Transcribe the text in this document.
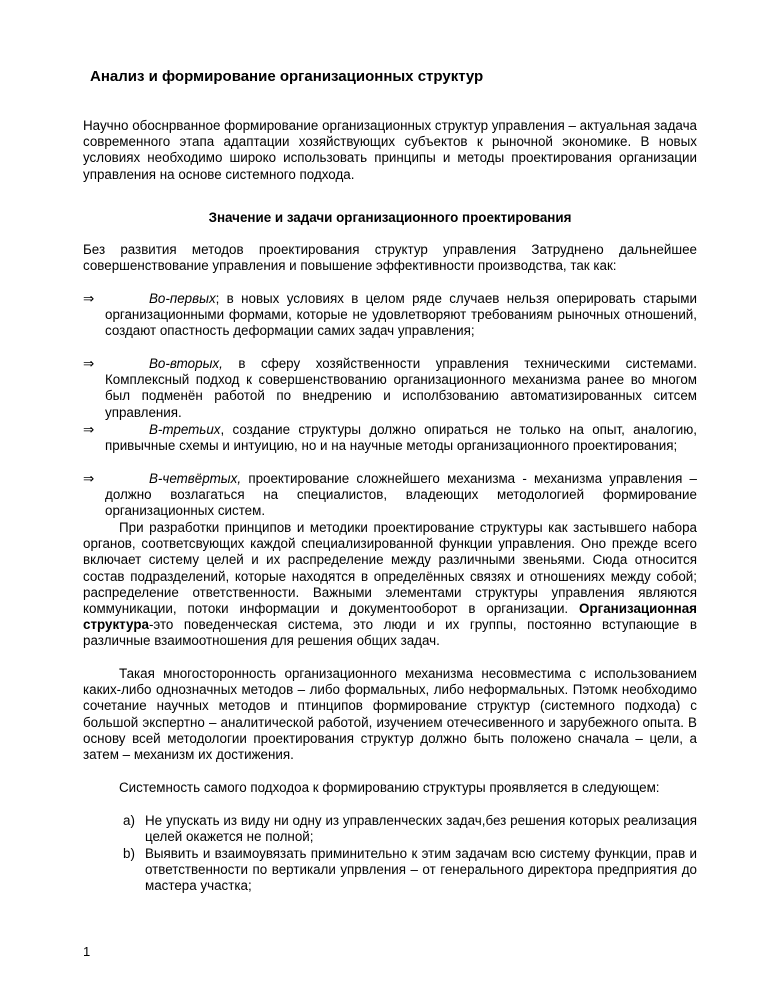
Анализ и формирование организационных структур

Научно обоснрванное формирование организационных структур управления – актуальная задача современного этапа адаптации хозяйствующих субъектов к рыночной экономике. В новых условиях необходимо широко использовать принципы и методы проектирования организации управления на основе системного подхода.

Значение и задачи организационного проектирования

Без развития методов проектирования структур управления Затруднено дальнейшее совершенствование управления и повышение эффективности производства, так как:

⇒	Во-первых; в новых условиях в целом ряде случаев нельзя оперировать старыми организационными формами, которые не удовлетворяют требованиям рыночных отношений, создают опастность деформации самих задач управления;
⇒	Во-вторых, в сферу хозяйственности управления техническими системами. Комплексный подход к совершенствованию организационного механизма ранее во многом был подменён работой по внедрению и исполбзованию автоматизированных ситсем управления.
⇒	В-третьих, создание структуры должно опираться не только на опыт, аналогию, привычные схемы и интуицию, но и на научные методы организационного проектирования;
⇒	В-четвёртых, проектирование сложнейшего механизма - механизма управления – должно возлагаться на специалистов, владеющих методологией формирование организационных систем.

При разработки принципов и методики проектирование структуры как застывшего набора органов, соответсвующих каждой специализированной функции управления. Оно прежде всего включает систему целей и их распределение между различными звеньями. Сюда относится состав подразделений, которые находятся в определённых связях и отношениях между собой; распределение ответственности. Важными элементами структуры управления являются коммуникации, потоки информации и документооборот в организации. Организационная структура-это поведенческая система, это люди и их группы, постоянно вступающие в различные взаимоотношения для решения общих задач.

Такая многосторонность организационного механизма несовместима с использованием каких-либо однозначных методов – либо формальных, либо неформальных. Пэтомк необходимо сочетание научных методов и птинципов формирование структур (системного подхода) с большой экспертно – аналитической работой, изучением отечесивенного и зарубежного опыта. В основу всей методологии проектирования структур должно быть положено сначала – цели, а затем – механизм их достижения.

Системность самого подходоа к формированию структуры проявляется в следующем:

a) Не упускать из виду ни одну из управленческих задач,без решения которых реализация целей окажется не полной;
b) Выявить и взаимоувязать приминительно к этим задачам всю систему функции, прав и ответственности по вертикали упрвления – от генерального директора предприятия до мастера участка;
1
